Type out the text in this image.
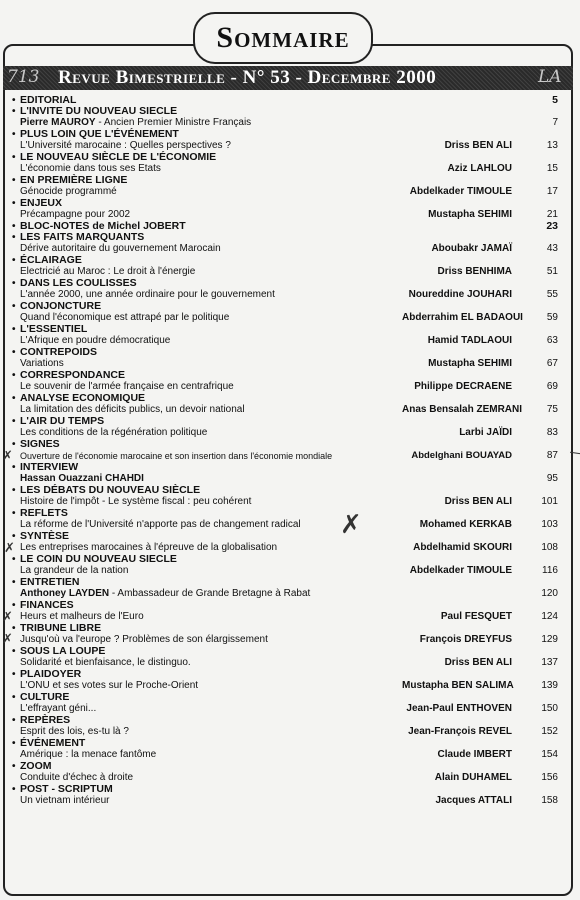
Sommaire
713 Revue Bimestrielle - N° 53 - Decembre 2000	LA
• EDITORIAL	5
• L'INVITE DU NOUVEAU SIECLE
Pierre MAUROY - Ancien Premier Ministre Français	7
• PLUS LOIN QUE L'ÉVÉNEMENT
L'Université marocaine : Quelles perspectives ?	Driss BEN ALI	13
• LE NOUVEAU SIÈCLE DE L'ÉCONOMIE
L'économie dans tous ses Etats	Aziz LAHLOU	15
• EN PREMIÈRE LIGNE
Génocide programmé	Abdelkader TIMOULE	17
• ENJEUX
Précampagne pour 2002	Mustapha SEHIMI	21
• BLOC-NOTES de Michel JOBERT	23
• LES FAITS MARQUANTS
Dérive autoritaire du gouvernement Marocain	Aboubakr JAMAÏ	43
• ÉCLAIRAGE
Electricié au Maroc : Le droit à l'énergie	Driss BENHIMA	51
• DANS LES COULISSES
L'année 2000, une année ordinaire pour le gouvernement	Noureddine JOUHARI	55
• CONJONCTURE
Quand l'économique est attrapé par le politique	Abderrahim EL BADAOUI	59
• L'ESSENTIEL
L'Afrique en poudre démocratique	Hamid TADLAOUI	63
• CONTREPOIDS
Variations	Mustapha SEHIMI	67
• CORRESPONDANCE
Le souvenir de l'armée française en centrafrique	Philippe DECRAENE	69
• ANALYSE ECONOMIQUE
La limitation des déficits publics, un devoir national	Anas Bensalah ZEMRANI	75
• L'AIR DU TEMPS
Les conditions de la régénération politique	Larbi JAÏDI	83
• SIGNES
Ouverture de l'économie marocaine et son insertion dans l'économie mondiale	Abdelghani BOUAYAD	87
✗
• INTERVIEW
Hassan Ouazzani CHAHDI	95
• LES DÉBATS DU NOUVEAU SIÈCLE
Histoire de l'impôt - Le système fiscal : peu cohérent	Driss BEN ALI	101
• REFLETS
La réforme de l'Université n'apporte pas de changement radical	Mohamed KERKAB	103
✗
• SYNTÈSE
Les entreprises marocaines à l'épreuve de la globalisation	Abdelhamid SKOURI	108
✗
• LE COIN DU NOUVEAU SIECLE
La grandeur de la nation	Abdelkader TIMOULE	116
• ENTRETIEN
Anthoney LAYDEN - Ambassadeur de Grande Bretagne à Rabat	120
• FINANCES
Heurs et malheurs de l'Euro	Paul FESQUET	124
✗
• TRIBUNE LIBRE
Jusqu'où va l'europe ? Problèmes de son élargissement	François DREYFUS	129
✗
• SOUS LA LOUPE
Solidarité et bienfaisance, le distinguo.	Driss BEN ALI	137
• PLAIDOYER
L'ONU et ses votes sur le Proche-Orient	Mustapha BEN SALIMA	139
• CULTURE
L'effrayant géni...	Jean-Paul ENTHOVEN	150
• REPÈRES
Esprit des lois, es-tu là ?	Jean-François REVEL	152
• ÉVÉNEMENT
Amérique : la menace fantôme	Claude IMBERT	154
• ZOOM
Conduite d'échec à droite	Alain DUHAMEL	156
• POST - SCRIPTUM
Un vietnam intérieur	Jacques ATTALI	158
